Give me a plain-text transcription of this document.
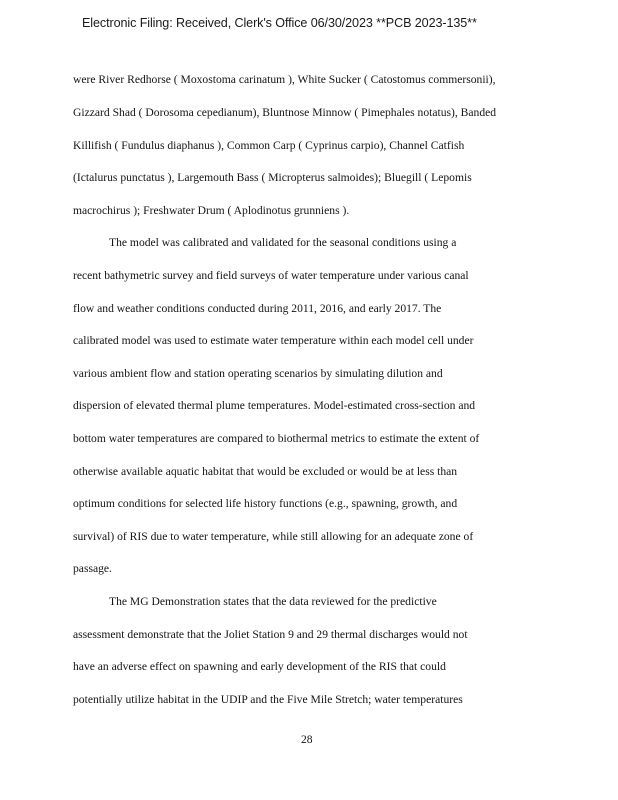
Electronic Filing: Received, Clerk's Office 06/30/2023 **PCB 2023-135**
were River Redhorse ( Moxostoma carinatum ), White Sucker ( Catostomus commersonii),
Gizzard Shad ( Dorosoma cepedianum), Bluntnose Minnow ( Pimephales notatus), Banded
Killifish ( Fundulus diaphanus ), Common Carp ( Cyprinus carpio), Channel Catfish
(Ictalurus punctatus ), Largemouth Bass ( Micropterus salmoides); Bluegill ( Lepomis
macrochirus ); Freshwater Drum ( Aplodinotus grunniens ).
The model was calibrated and validated for the seasonal conditions using a
recent bathymetric survey and field surveys of water temperature under various canal
flow and weather conditions conducted during 2011, 2016, and early 2017. The
calibrated model was used to estimate water temperature within each model cell under
various ambient flow and station operating scenarios by simulating dilution and
dispersion of elevated thermal plume temperatures. Model-estimated cross-section and
bottom water temperatures are compared to biothermal metrics to estimate the extent of
otherwise available aquatic habitat that would be excluded or would be at less than
optimum conditions for selected life history functions (e.g., spawning, growth, and
survival) of RIS due to water temperature, while still allowing for an adequate zone of
passage.
The MG Demonstration states that the data reviewed for the predictive
assessment demonstrate that the Joliet Station 9 and 29 thermal discharges would not
have an adverse effect on spawning and early development of the RIS that could
potentially utilize habitat in the UDIP and the Five Mile Stretch; water temperatures
28
